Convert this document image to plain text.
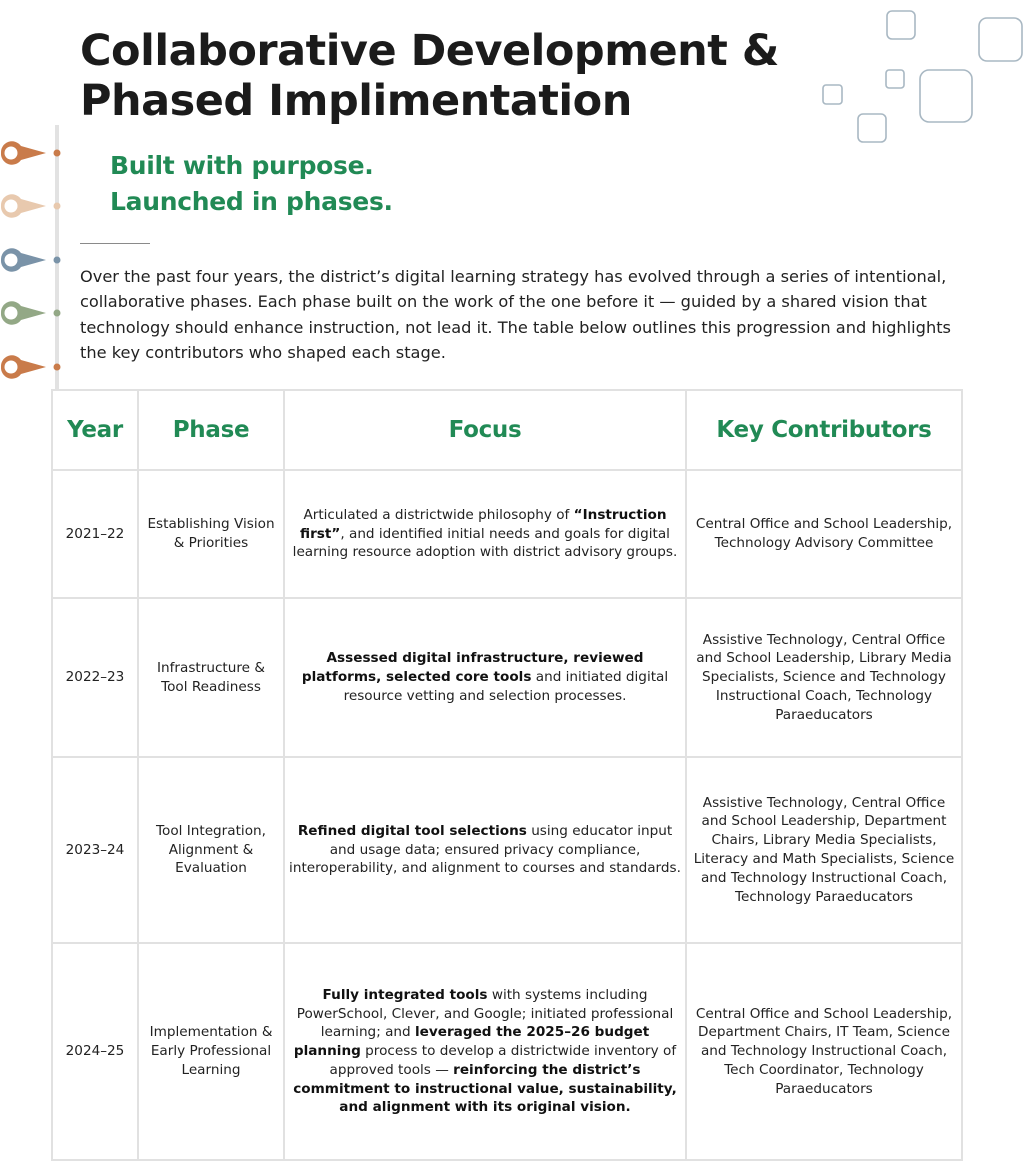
Collaborative Development &
Phased Implimentation
Built with purpose.
Launched in phases.

Over the past four years, the district’s digital learning strategy has evolved through a series of intentional, collaborative phases. Each phase built on the work of the one before it — guided by a shared vision that technology should enhance instruction, not lead it. The table below outlines this progression and highlights the key contributors who shaped each stage.

Year	Phase	Focus	Key Contributors
2021–22	Establishing Vision & Priorities	Articulated a districtwide philosophy of “Instruction first”, and identified initial needs and goals for digital learning resource adoption with district advisory groups.	Central Office and School Leadership, Technology Advisory Committee
2022–23	Infrastructure & Tool Readiness	Assessed digital infrastructure, reviewed platforms, selected core tools and initiated digital resource vetting and selection processes.	Assistive Technology, Central Office and School Leadership, Library Media Specialists, Science and Technology Instructional Coach, Technology Paraeducators
2023–24	Tool Integration, Alignment & Evaluation	Refined digital tool selections using educator input and usage data; ensured privacy compliance, interoperability, and alignment to courses and standards.	Assistive Technology, Central Office and School Leadership, Department Chairs, Library Media Specialists, Literacy and Math Specialists, Science and Technology Instructional Coach, Technology Paraeducators
2024–25	Implementation & Early Professional Learning	Fully integrated tools with systems including PowerSchool, Clever, and Google; initiated professional learning; and leveraged the 2025–26 budget planning process to develop a districtwide inventory of approved tools — reinforcing the district’s commitment to instructional value, sustainability, and alignment with its original vision.	Central Office and School Leadership, Department Chairs, IT Team, Science and Technology Instructional Coach, Tech Coordinator, Technology Paraeducators
